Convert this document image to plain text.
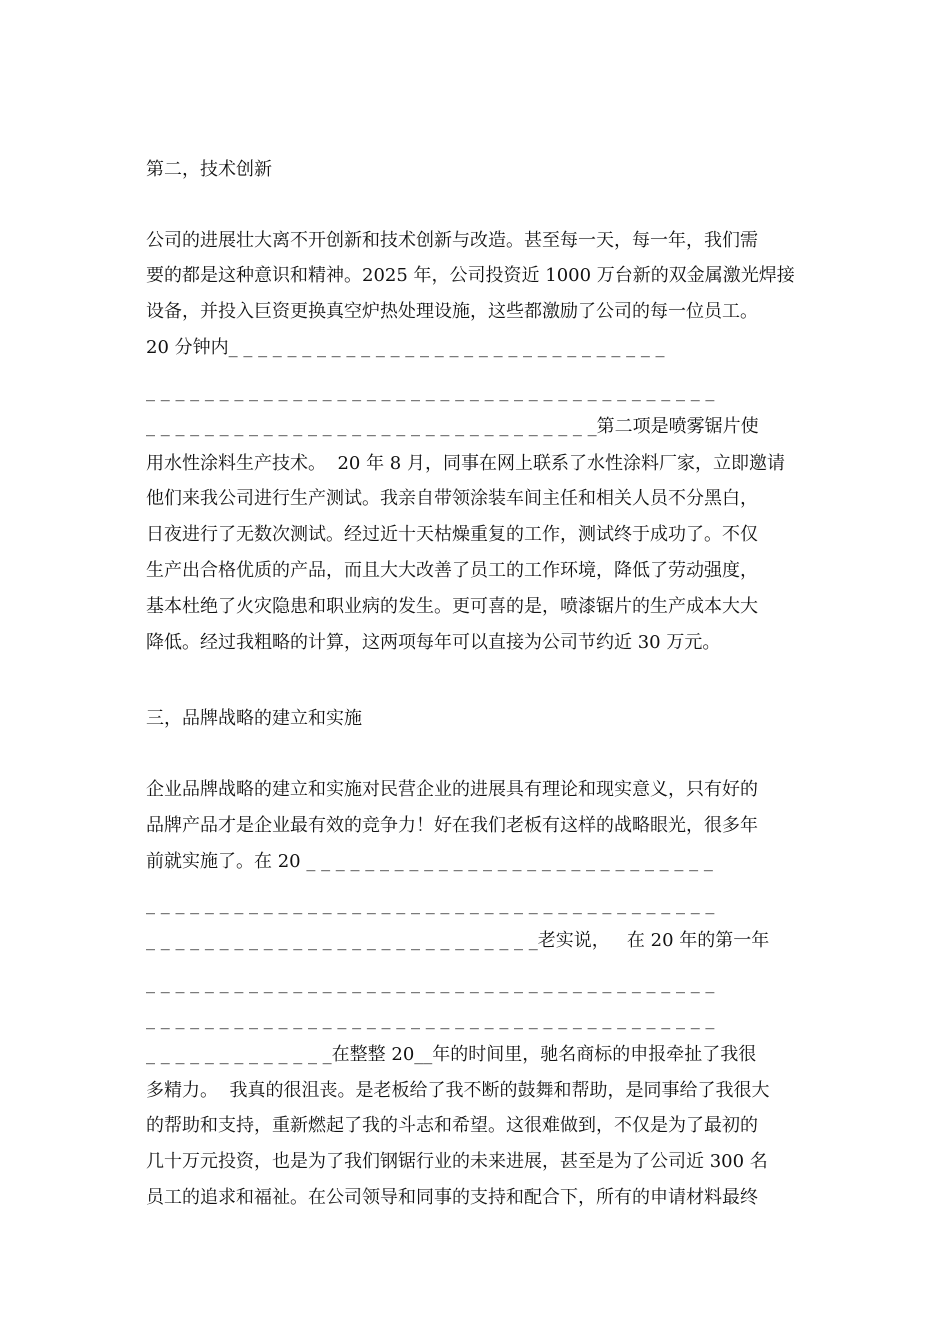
第二，技术创新
公司的进展壮大离不开创新和技术创新与改造。甚至每一天，每一年，我们需
要的都是这种意识和精神。2025 年，公司投资近 1000 万台新的双金属激光焊接
设备，并投入巨资更换真空炉热处理设施，这些都激励了公司的每一位员工。
20 分钟内_ _ _ _ _ _ _ _ _ _ _ _ _ _ _ _ _ _ _ _ _ _ _ _ _ _ _ _ _ _
_ _ _ _ _ _ _ _ _ _ _ _ _ _ _ _ _ _ _ _ _ _ _ _ _ _ _ _ _ _ _ _ _ _ _ _ _ _ _
_ _ _ _ _ _ _ _ _ _ _ _ _ _ _ _ _ _ _ _ _ _ _ _ _ _ _ _ _ _ _第二项是喷雾锯片使
用水性涂料生产技术。  20 年 8 月，同事在网上联系了水性涂料厂家，立即邀请
他们来我公司进行生产测试。我亲自带领涂装车间主任和相关人员不分黑白，
日夜进行了无数次测试。经过近十天枯燥重复的工作，测试终于成功了。不仅
生产出合格优质的产品，而且大大改善了员工的工作环境，降低了劳动强度，
基本杜绝了火灾隐患和职业病的发生。更可喜的是，喷漆锯片的生产成本大大
降低。经过我粗略的计算，这两项每年可以直接为公司节约近 30 万元。
三，品牌战略的建立和实施
企业品牌战略的建立和实施对民营企业的进展具有理论和现实意义，只有好的
品牌产品才是企业最有效的竞争力！好在我们老板有这样的战略眼光，很多年
前就实施了。在 20 _ _ _ _ _ _ _ _ _ _ _ _ _ _ _ _ _ _ _ _ _ _ _ _ _ _ _ _
_ _ _ _ _ _ _ _ _ _ _ _ _ _ _ _ _ _ _ _ _ _ _ _ _ _ _ _ _ _ _ _ _ _ _ _ _ _ _
_ _ _ _ _ _ _ _ _ _ _ _ _ _ _ _ _ _ _ _ _ _ _ _ _ _ _老实说，   在 20 年的第一年
_ _ _ _ _ _ _ _ _ _ _ _ _ _ _ _ _ _ _ _ _ _ _ _ _ _ _ _ _ _ _ _ _ _ _ _ _ _ _
_ _ _ _ _ _ _ _ _ _ _ _ _ _ _ _ _ _ _ _ _ _ _ _ _ _ _ _ _ _ _ _ _ _ _ _ _ _ _
_ _ _ _ _ _ _ _ _ _ _ _ _在整整 20__年的时间里，驰名商标的申报牵扯了我很
多精力。  我真的很沮丧。是老板给了我不断的鼓舞和帮助，是同事给了我很大
的帮助和支持，重新燃起了我的斗志和希望。这很难做到，不仅是为了最初的
几十万元投资，也是为了我们钢锯行业的未来进展，甚至是为了公司近 300 名
员工的追求和福祉。在公司领导和同事的支持和配合下，所有的申请材料最终
